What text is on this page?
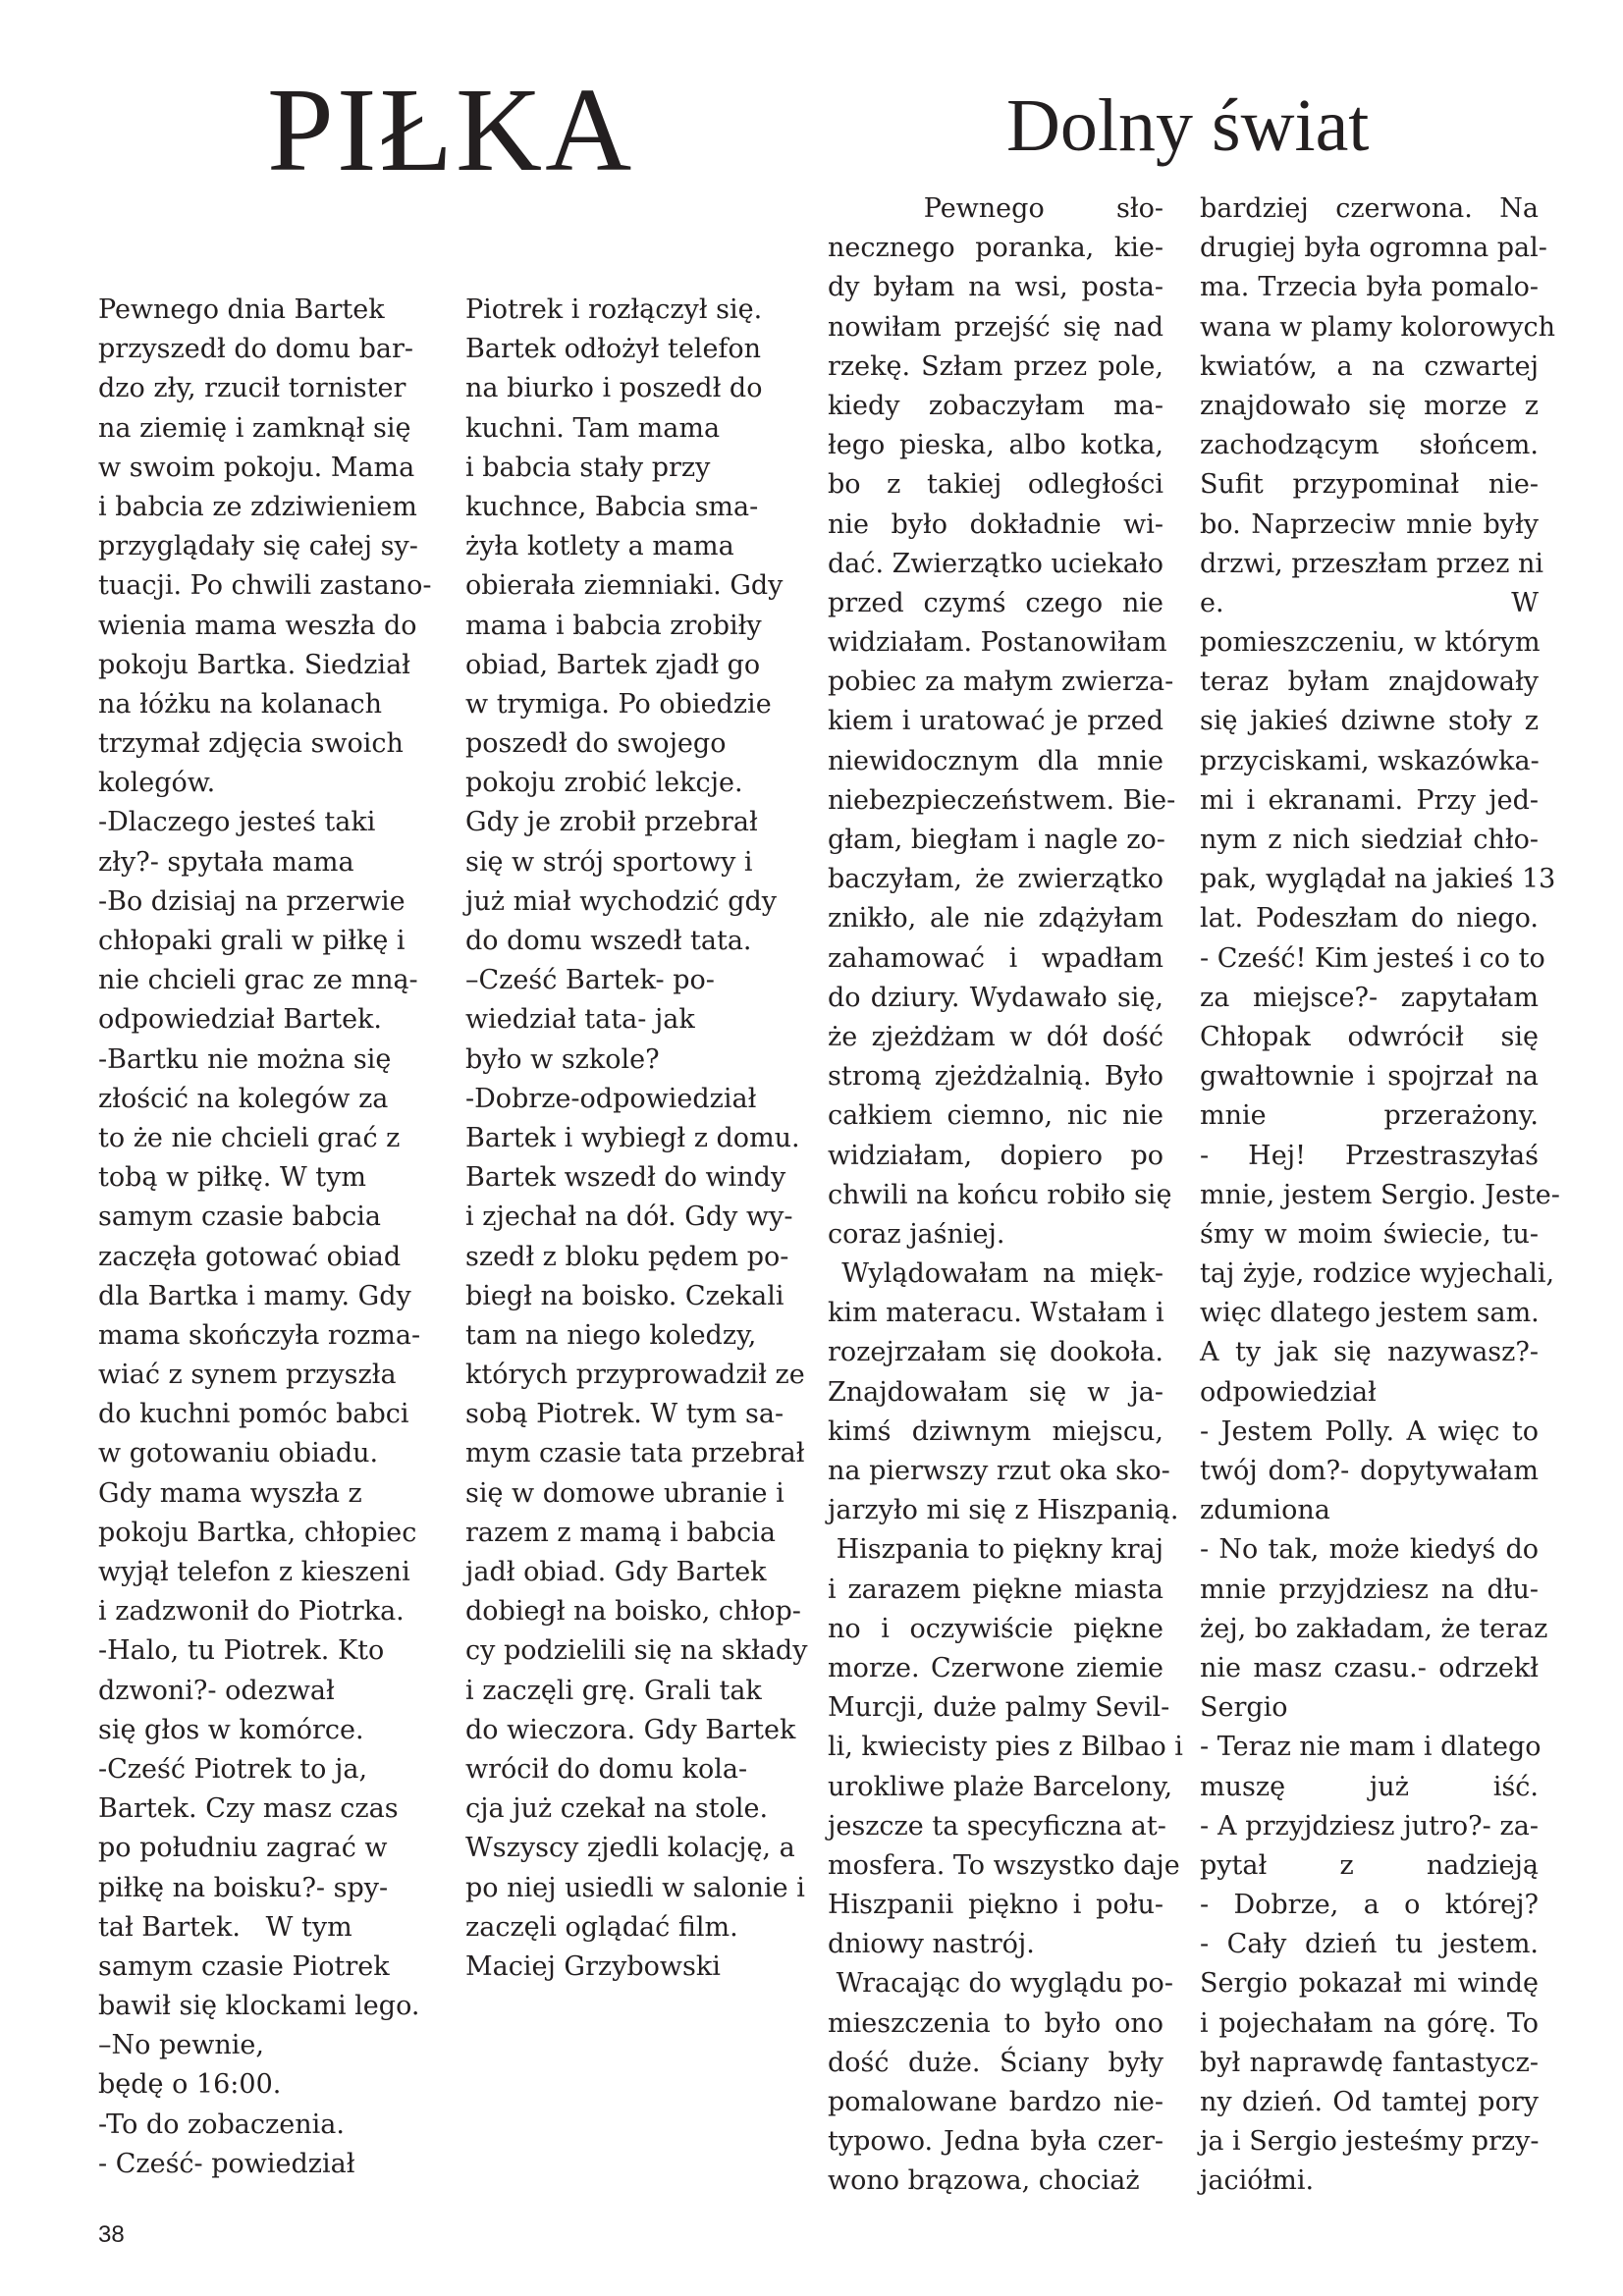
PIŁKA	Dolny świat
Pewnego dnia Bartek
przyszedł do domu bar-
dzo zły, rzucił tornister
na ziemię i zamknął się
w swoim pokoju. Mama
i babcia ze zdziwieniem
przyglądały się całej sy-
tuacji. Po chwili zastano-
wienia mama weszła do
pokoju Bartka. Siedział
na łóżku na kolanach
trzymał zdjęcia swoich
kolegów.
-Dlaczego jesteś taki
zły?- spytała mama
-Bo dzisiaj na przerwie
chłopaki grali w piłkę i
nie chcieli grac ze mną-
odpowiedział Bartek.
-Bartku nie można się
złościć na kolegów za
to że nie chcieli grać z
tobą w piłkę. W tym
samym czasie babcia
zaczęła gotować obiad
dla Bartka i mamy. Gdy
mama skończyła rozma-
wiać z synem przyszła
do kuchni pomóc babci
w gotowaniu obiadu.
Gdy mama wyszła z
pokoju Bartka, chłopiec
wyjął telefon z kieszeni
i zadzwonił do Piotrka.
-Halo, tu Piotrek. Kto
dzwoni?- odezwał
się głos w komórce.
-Cześć Piotrek to ja,
Bartek. Czy masz czas
po południu zagrać w
piłkę na boisku?- spy-
tał Bartek.   W tym
samym czasie Piotrek
bawił się klockami lego.
–No pewnie,
będę o 16:00.
-To do zobaczenia.
- Cześć- powiedział
Piotrek i rozłączył się.
Bartek odłożył telefon
na biurko i poszedł do
kuchni. Tam mama
i babcia stały przy
kuchnce, Babcia sma-
żyła kotlety a mama
obierała ziemniaki. Gdy
mama i babcia zrobiły
obiad, Bartek zjadł go
w trymiga. Po obiedzie
poszedł do swojego
pokoju zrobić lekcje.
Gdy je zrobił przebrał
się w strój sportowy i
już miał wychodzić gdy
do domu wszedł tata.
–Cześć Bartek- po-
wiedział tata- jak
było w szkole?
-Dobrze-odpowiedział
Bartek i wybiegł z domu.
Bartek wszedł do windy
i zjechał na dół. Gdy wy-
szedł z bloku pędem po-
biegł na boisko. Czekali
tam na niego koledzy,
których przyprowadził ze
sobą Piotrek. W tym sa-
mym czasie tata przebrał
się w domowe ubranie i
razem z mamą i babcia
jadł obiad. Gdy Bartek
dobiegł na boisko, chłop-
cy podzielili się na składy
i zaczęli grę. Grali tak
do wieczora. Gdy Bartek
wrócił do domu kola-
cja już czekał na stole.
Wszyscy zjedli kolację, a
po niej usiedli w salonie i
zaczęli oglądać film.
Maciej Grzybowski
Pewnego      sło-
necznego poranka, kie-
dy byłam na wsi, posta-
nowiłam przejść się nad
rzekę. Szłam przez pole,
kiedy zobaczyłam ma-
łego pieska, albo kotka,
bo z takiej odległości
nie było dokładnie wi-
dać. Zwierzątko uciekało
przed czymś czego nie
widziałam. Postanowiłam
pobiec za małym zwierza-
kiem i uratować je przed
niewidocznym dla mnie
niebezpieczeństwem. Bie-
głam, biegłam i nagle zo-
baczyłam, że zwierzątko
znikło, ale nie zdążyłam
zahamować i wpadłam
do dziury. Wydawało się,
że zjeżdżam w dół dość
stromą zjeżdżalnią. Było
całkiem ciemno, nic nie
widziałam, dopiero po
chwili na końcu robiło się
coraz jaśniej.
Wylądowałam na mięk-
kim materacu. Wstałam i
rozejrzałam się dookoła.
Znajdowałam się w ja-
kimś dziwnym miejscu,
na pierwszy rzut oka sko-
jarzyło mi się z Hiszpanią.
Hiszpania to piękny kraj
i zarazem piękne miasta
no i oczywiście piękne
morze. Czerwone ziemie
Murcji, duże palmy Sevil-
li, kwiecisty pies z Bilbao i
urokliwe plaże Barcelony,
jeszcze ta specyficzna at-
mosfera. To wszystko daje
Hiszpanii piękno i połu-
dniowy nastrój.
Wracając do wyglądu po-
mieszczenia to było ono
dość duże. Ściany były
pomalowane bardzo nie-
typowo. Jedna była czer-
wono brązowa, chociaż
bardziej czerwona. Na
drugiej była ogromna pal-
ma. Trzecia była pomalo-
wana w plamy kolorowych
kwiatów, a na czwartej
znajdowało się morze z
zachodzącym słońcem.
Sufit przypominał nie-
bo. Naprzeciw mnie były
drzwi, przeszłam przez ni
e.                        W
pomieszczeniu, w którym
teraz byłam znajdowały
się jakieś dziwne stoły z
przyciskami, wskazówka-
mi i ekranami. Przy jed-
nym z nich siedział chło-
pak, wyglądał na jakieś 13
lat. Podeszłam do niego.
- Cześć! Kim jesteś i co to
za miejsce?- zapytałam
Chłopak odwrócił się
gwałtownie i spojrzał na
mnie przerażony.
-    Hej!    Przestraszyłaś
mnie, jestem Sergio. Jeste-
śmy w moim świecie, tu-
taj żyje, rodzice wyjechali,
więc dlatego jestem sam.
A ty jak się nazywasz?-
odpowiedział
- Jestem Polly. A więc to
twój dom?- dopytywałam
zdumiona
- No tak, może kiedyś do
mnie przyjdziesz na dłu-
żej, bo zakładam, że teraz
nie masz czasu.- odrzekł
Sergio
- Teraz nie mam i dlatego
muszę już iść.
- A przyjdziesz jutro?- za-
pytał z nadzieją
- Dobrze, a o której?
- Cały dzień tu jestem.
Sergio pokazał mi windę
i pojechałam na górę. To
był naprawdę fantastycz-
ny dzień. Od tamtej pory
ja i Sergio jesteśmy przy-
jaciółmi.
38
